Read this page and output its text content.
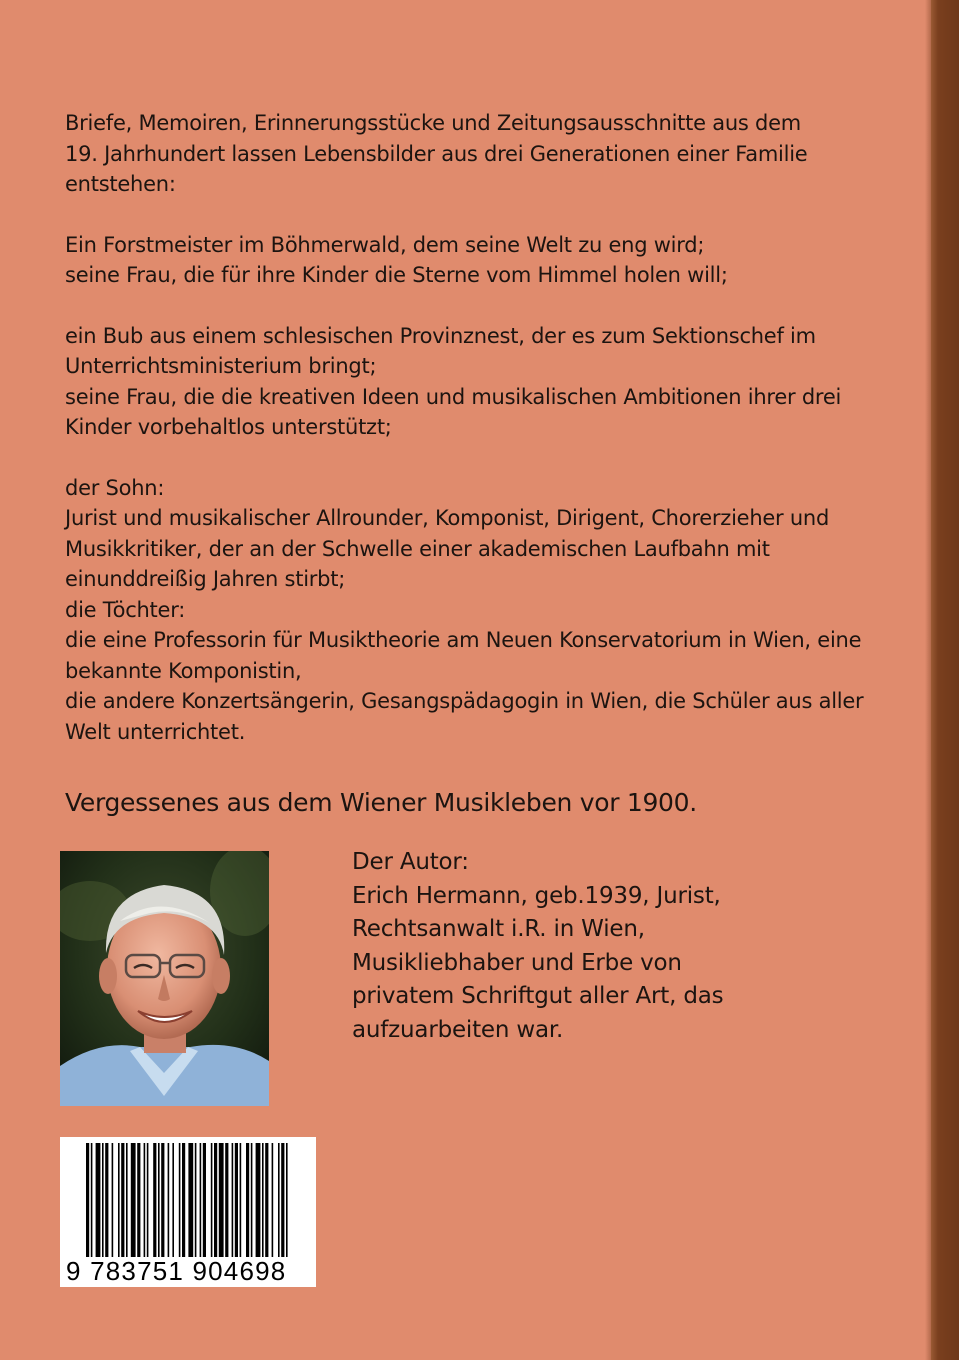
Briefe, Memoiren, Erinnerungsstücke und Zeitungsausschnitte aus dem

19. Jahrhundert lassen Lebensbilder aus drei Generationen einer Familie

entstehen:

Ein Forstmeister im Böhmerwald, dem seine Welt zu eng wird;

seine Frau, die für ihre Kinder die Sterne vom Himmel holen will;

ein Bub aus einem schlesischen Provinznest, der es zum Sektionschef im

Unterrichtsministerium bringt;

seine Frau, die die kreativen Ideen und musikalischen Ambitionen ihrer drei

Kinder vorbehaltlos unterstützt;

der Sohn:

Jurist und musikalischer Allrounder, Komponist, Dirigent, Chorerzieher und

Musikkritiker, der an der Schwelle einer akademischen Laufbahn mit

einunddreißig Jahren stirbt;

die Töchter:

die eine Professorin für Musiktheorie am Neuen Konservatorium in Wien, eine

bekannte Komponistin,

die andere Konzertsängerin, Gesangspädagogin in Wien, die Schüler aus aller

Welt unterrichtet.

Vergessenes aus dem Wiener Musikleben vor 1900.
Der Autor:
Erich Hermann, geb.1939, Jurist,
Rechtsanwalt i.R. in Wien,
Musikliebhaber und Erbe von
privatem Schriftgut aller Art, das
aufzuarbeiten war.
9 783751 904698
